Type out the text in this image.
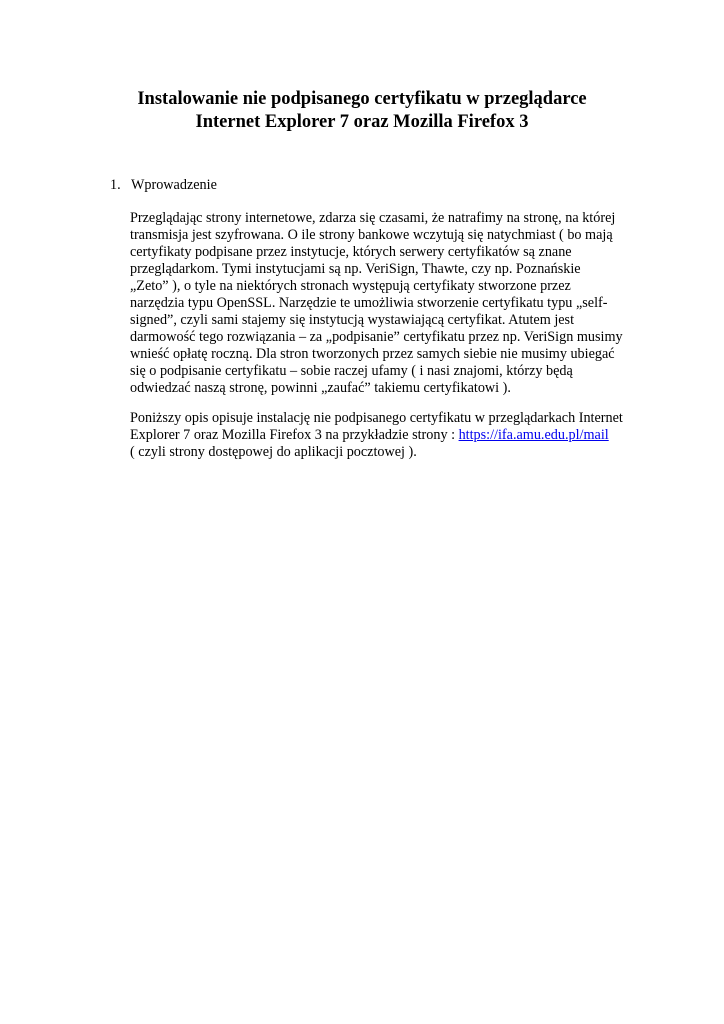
Instalowanie nie podpisanego certyfikatu w przeglądarce
Internet Explorer 7 oraz Mozilla Firefox 3
1. Wprowadzenie
Przeglądając strony internetowe, zdarza się czasami, że natrafimy na stronę, na której
transmisja jest szyfrowana. O ile strony bankowe wczytują się natychmiast ( bo mają
certyfikaty podpisane przez instytucje, których serwery certyfikatów są znane
przeglądarkom. Tymi instytucjami są np. VeriSign, Thawte, czy np. Poznańskie
„Zeto” ), o tyle na niektórych stronach występują certyfikaty stworzone przez
narzędzia typu OpenSSL. Narzędzie te umożliwia stworzenie certyfikatu typu „self-
signed”, czyli sami stajemy się instytucją wystawiającą certyfikat. Atutem jest
darmowość tego rozwiązania – za „podpisanie” certyfikatu przez np. VeriSign musimy
wnieść opłatę roczną. Dla stron tworzonych przez samych siebie nie musimy ubiegać
się o podpisanie certyfikatu – sobie raczej ufamy ( i nasi znajomi, którzy będą
odwiedzać naszą stronę, powinni „zaufać” takiemu certyfikatowi ).
Poniższy opis opisuje instalację nie podpisanego certyfikatu w przeglądarkach Internet
Explorer 7 oraz Mozilla Firefox 3 na przykładzie strony : https://ifa.amu.edu.pl/mail
( czyli strony dostępowej do aplikacji pocztowej ).
